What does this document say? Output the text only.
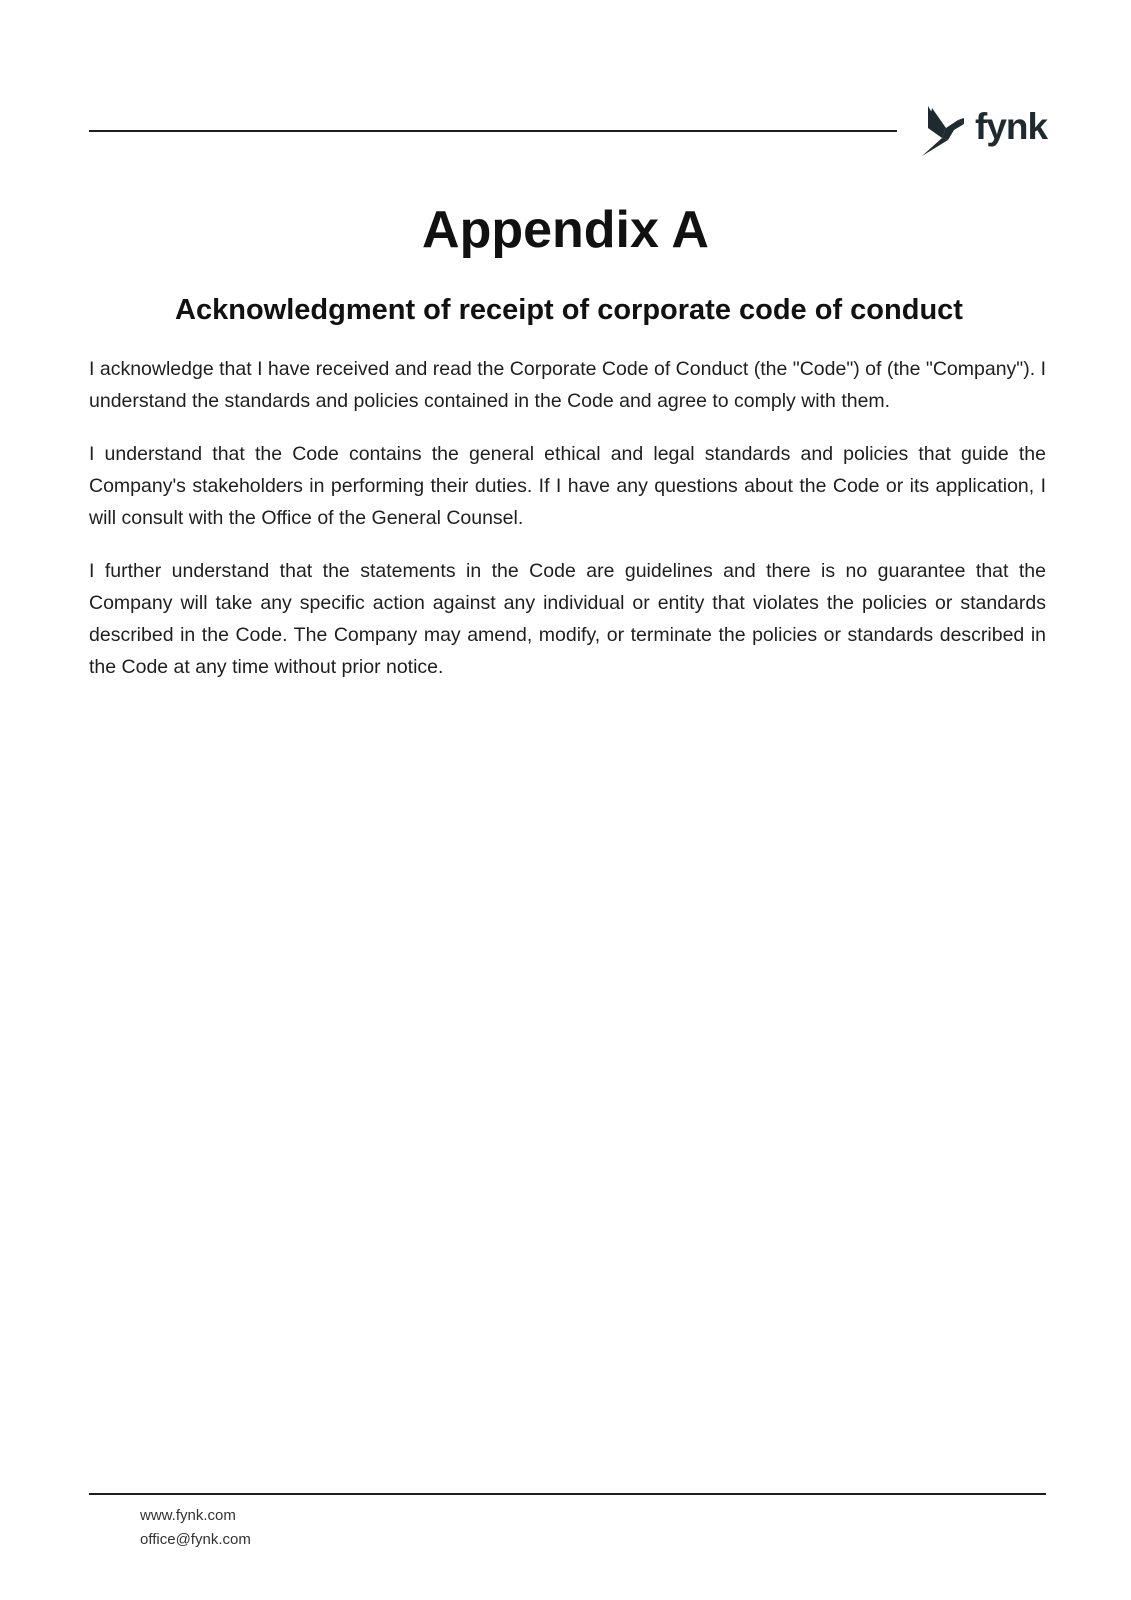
fynk
Appendix A
Acknowledgment of receipt of corporate code of conduct

I acknowledge that I have received and read the Corporate Code of Conduct (the "Code") of (the "Company"). I understand the standards and policies contained in the Code and agree to comply with them.

I understand that the Code contains the general ethical and legal standards and policies that guide the Company's stakeholders in performing their duties. If I have any questions about the Code or its application, I will consult with the Office of the General Counsel.

I further understand that the statements in the Code are guidelines and there is no guarantee that the Company will take any specific action against any individual or entity that violates the policies or standards described in the Code. The Company may amend, modify, or terminate the policies or standards described in the Code at any time without prior notice.

www.fynk.com
office@fynk.com
